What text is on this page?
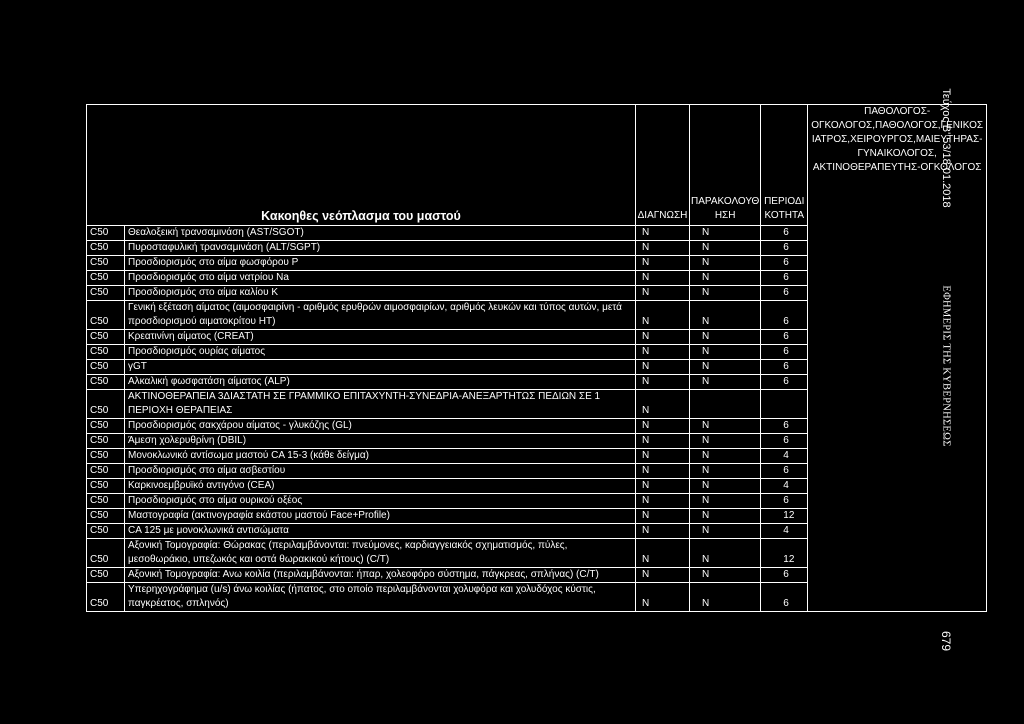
Κακοηθες νεόπλασμα του μαστού		ΔΙΑΓΝΩΣΗ	ΠΑΡΑΚΟΛΟΥΘ ΗΣΗ	ΠΕΡΙΟΔΙ ΚΟΤΗΤΑ	ΠΑΘΟΛΟΓΟΣ-ΟΓΚΟΛΟΓΟΣ,ΠΑΘΟΛΟΓΟΣ,ΓΕΝΙΚΟΣ ΙΑΤΡΟΣ,ΧΕΙΡΟΥΡΓΟΣ,ΜΑΙΕΥΤΗΡΑΣ-ΓΥΝΑΙΚΟΛΟΓΟΣ, ΑΚΤΙΝΟΘΕΡΑΠΕΥΤΗΣ-ΟΓΚΟΛΟΓΟΣ
C50	Θεαλοξεική τρανσαμινάση (AST/SGOT)	N	N	6	
C50	Πυροσταφυλική τρανσαμινάση (ALT/SGPT)	N	N	6	
C50	Προσδιορισμός στο αίμα φωσφόρου P	N	N	6	
C50	Προσδιορισμός στο αίμα νατρίου Na	N	N	6	
C50	Προσδιορισμός στο αίμα καλίου K	N	N	6	
C50	Γενική εξέταση αίματος (αιμοσφαιρίνη - αριθμός ερυθρών αιμοσφαιρίων, αριθμός λευκών και τύπος αυτών, μετά προσδιορισμού αιματοκρίτου HT)	N	N	6	
C50	Κρεατινίνη αίματος (CREAT)	N	N	6	
C50	Προσδιορισμός ουρίας αίματος	N	N	6	
C50	γGT	N	N	6	
C50	Αλκαλική φωσφατάση αίματος (ALP)	N	N	6	
C50	ΑΚΤΙΝΟΘΕΡΑΠΕΙΑ 3ΔΙΑΣΤΑΤΗ ΣΕ ΓΡΑΜΜΙΚΟ ΕΠΙΤΑΧΥΝΤΗ-ΣΥΝΕΔΡΙΑ-ΑΝΕΞΑΡΤΗΤΩΣ ΠΕΔΙΩΝ ΣΕ 1 ΠΕΡΙΟΧΗ ΘΕΡΑΠΕΙΑΣ	N			
C50	Προσδιορισμός σακχάρου αίματος - γλυκόζης (GL)	N	N	6	
C50	Άμεση χολερυθρίνη (DBIL)	N	N	6	
C50	Μονοκλωνικό αντίσωμα μαστού CA 15-3 (κάθε δείγμα)	N	N	4	
C50	Προσδιορισμός στο αίμα ασβεστίου	N	N	6	
C50	Καρκινοεμβρυϊκό αντιγόνο (CEA)	N	N	4	
C50	Προσδιορισμός στο αίμα ουρικού οξέος	N	N	6	
C50	Μαστογραφία (ακτινογραφία εκάστου μαστού Face+Profile)	N	N	12	
C50	CA 125 με μονοκλωνικά αντισώματα	N	N	4	
C50	Αξονική Τομογραφία: Θώρακας (περιλαμβάνονται: πνεύμονες, καρδιαγγειακός σχηματισμός, πύλες, μεσοθωράκιο, υπεζωκός και οστά θωρακικού κήτους) (C/T)	N	N	12	
C50	Αξονική Τομογραφία: Ανω κοιλία (περιλαμβάνονται: ήπαρ, χολεοφόρο σύστημα, πάγκρεας, σπλήνας) (C/T)	N	N	6	
C50	Υπερηχογράφημα (u/s) άνω κοιλίας (ήπατος, στο οποίο περιλαμβάνονται χολυφόρα και χολυδόχος κύστις, παγκρέατος, σπληνός)	N	N	6	
Τεύχος Β' 53/18.01.2018
ΕΦΗΜΕΡΙΣ ΤΗΣ ΚΥΒΕΡΝΗΣΕΩΣ
679
